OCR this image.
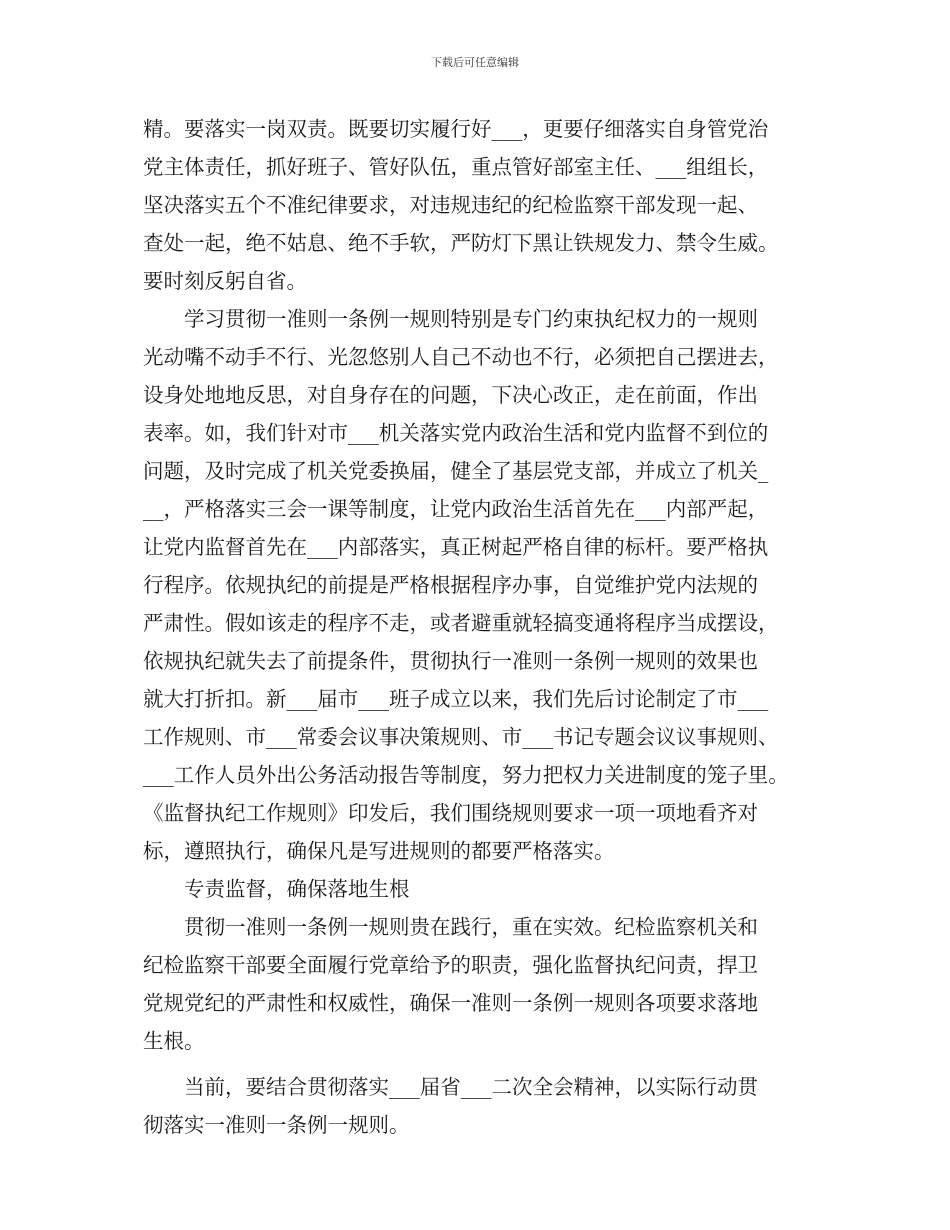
下载后可任意编辑
精。要落实一岗双责。既要切实履行好___，更要仔细落实自身管党治
党主体责任，抓好班子、管好队伍，重点管好部室主任、___组组长，
坚决落实五个不准纪律要求，对违规违纪的纪检监察干部发现一起、
查处一起，绝不姑息、绝不手软，严防灯下黑让铁规发力、禁令生威。
要时刻反躬自省。
学习贯彻一准则一条例一规则特别是专门约束执纪权力的一规则
光动嘴不动手不行、光忽悠别人自己不动也不行，必须把自己摆进去，
设身处地地反思，对自身存在的问题，下决心改正，走在前面，作出
表率。如，我们针对市___机关落实党内政治生活和党内监督不到位的
问题，及时完成了机关党委换届，健全了基层党支部，并成立了机关_
__，严格落实三会一课等制度，让党内政治生活首先在___内部严起，
让党内监督首先在___内部落实，真正树起严格自律的标杆。要严格执
行程序。依规执纪的前提是严格根据程序办事，自觉维护党内法规的
严肃性。假如该走的程序不走，或者避重就轻搞变通将程序当成摆设，
依规执纪就失去了前提条件，贯彻执行一准则一条例一规则的效果也
就大打折扣。新___届市___班子成立以来，我们先后讨论制定了市___
工作规则、市___常委会议事决策规则、市___书记专题会议议事规则、
___工作人员外出公务活动报告等制度，努力把权力关进制度的笼子里。
《监督执纪工作规则》印发后，我们围绕规则要求一项一项地看齐对
标，遵照执行，确保凡是写进规则的都要严格落实。
专责监督，确保落地生根
贯彻一准则一条例一规则贵在践行，重在实效。纪检监察机关和
纪检监察干部要全面履行党章给予的职责，强化监督执纪问责，捍卫
党规党纪的严肃性和权威性，确保一准则一条例一规则各项要求落地
生根。
当前，要结合贯彻落实___届省___二次全会精神，以实际行动贯
彻落实一准则一条例一规则。
